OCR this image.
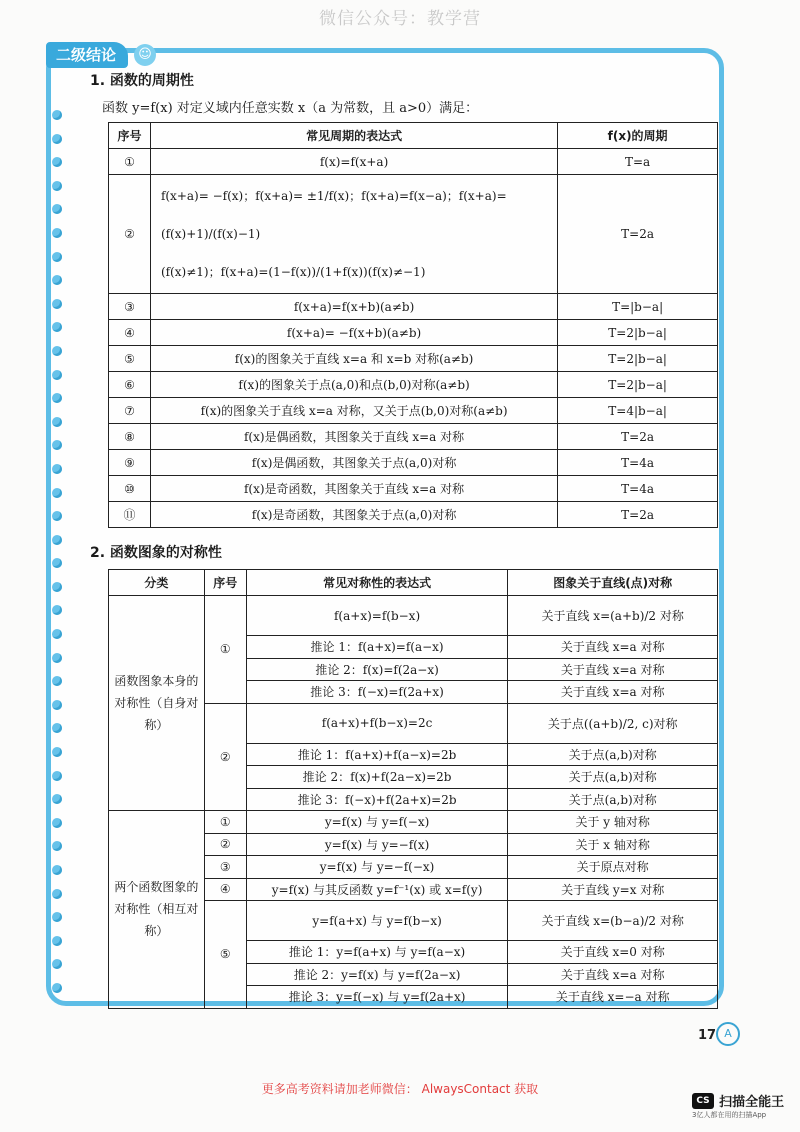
微信公众号：教学营
二级结论	☺
1. 函数的周期性

函数 y=f(x) 对定义域内任意实数 x（a 为常数，且 a>0）满足：

序号	常见周期的表达式	f(x)的周期
①	f(x)=f(x+a)	T=a
②	f(x+a)= −f(x)；f(x+a)= ±1/f(x)；f(x+a)=f(x−a)；f(x+a)=(f(x)+1)/(f(x)−1)
(f(x)≠1)；f(x+a)=(1−f(x))/(1+f(x))(f(x)≠−1)	T=2a
③	f(x+a)=f(x+b)(a≠b)	T=|b−a|
④	f(x+a)= −f(x+b)(a≠b)	T=2|b−a|
⑤	f(x)的图象关于直线 x=a 和 x=b 对称(a≠b)	T=2|b−a|
⑥	f(x)的图象关于点(a,0)和点(b,0)对称(a≠b)	T=2|b−a|
⑦	f(x)的图象关于直线 x=a 对称，又关于点(b,0)对称(a≠b)	T=4|b−a|
⑧	f(x)是偶函数，其图象关于直线 x=a 对称	T=2a
⑨	f(x)是偶函数，其图象关于点(a,0)对称	T=4a
⑩	f(x)是奇函数，其图象关于直线 x=a 对称	T=4a
⑪	f(x)是奇函数，其图象关于点(a,0)对称	T=2a
2. 函数图象的对称性
分类	序号	常见对称性的表达式	图象关于直线(点)对称
函数图象本身的对称性（自身对称）	①	f(a+x)=f(b−x)	关于直线 x=(a+b)/2 对称
		推论 1：f(a+x)=f(a−x)	关于直线 x=a 对称
		推论 2：f(x)=f(2a−x)	关于直线 x=a 对称
		推论 3：f(−x)=f(2a+x)	关于直线 x=a 对称
	②	f(a+x)+f(b−x)=2c	关于点((a+b)/2, c)对称
		推论 1：f(a+x)+f(a−x)=2b	关于点(a,b)对称
		推论 2：f(x)+f(2a−x)=2b	关于点(a,b)对称
		推论 3：f(−x)+f(2a+x)=2b	关于点(a,b)对称
两个函数图象的对称性（相互对称）	①	y=f(x) 与 y=f(−x)	关于 y 轴对称
	②	y=f(x) 与 y=−f(x)	关于 x 轴对称
	③	y=f(x) 与 y=−f(−x)	关于原点对称
	④	y=f(x) 与其反函数 y=f⁻¹(x) 或 x=f(y)	关于直线 y=x 对称
	⑤	y=f(a+x) 与 y=f(b−x)	关于直线 x=(b−a)/2 对称
		推论 1：y=f(a+x) 与 y=f(a−x)	关于直线 x=0 对称
		推论 2：y=f(x) 与 y=f(2a−x)	关于直线 x=a 对称
		推论 3：y=f(−x) 与 y=f(2a+x)	关于直线 x=−a 对称
17 A
更多高考资料请加老师微信： AlwaysContact 获取
CS 扫描全能王
3亿人都在用的扫描App
